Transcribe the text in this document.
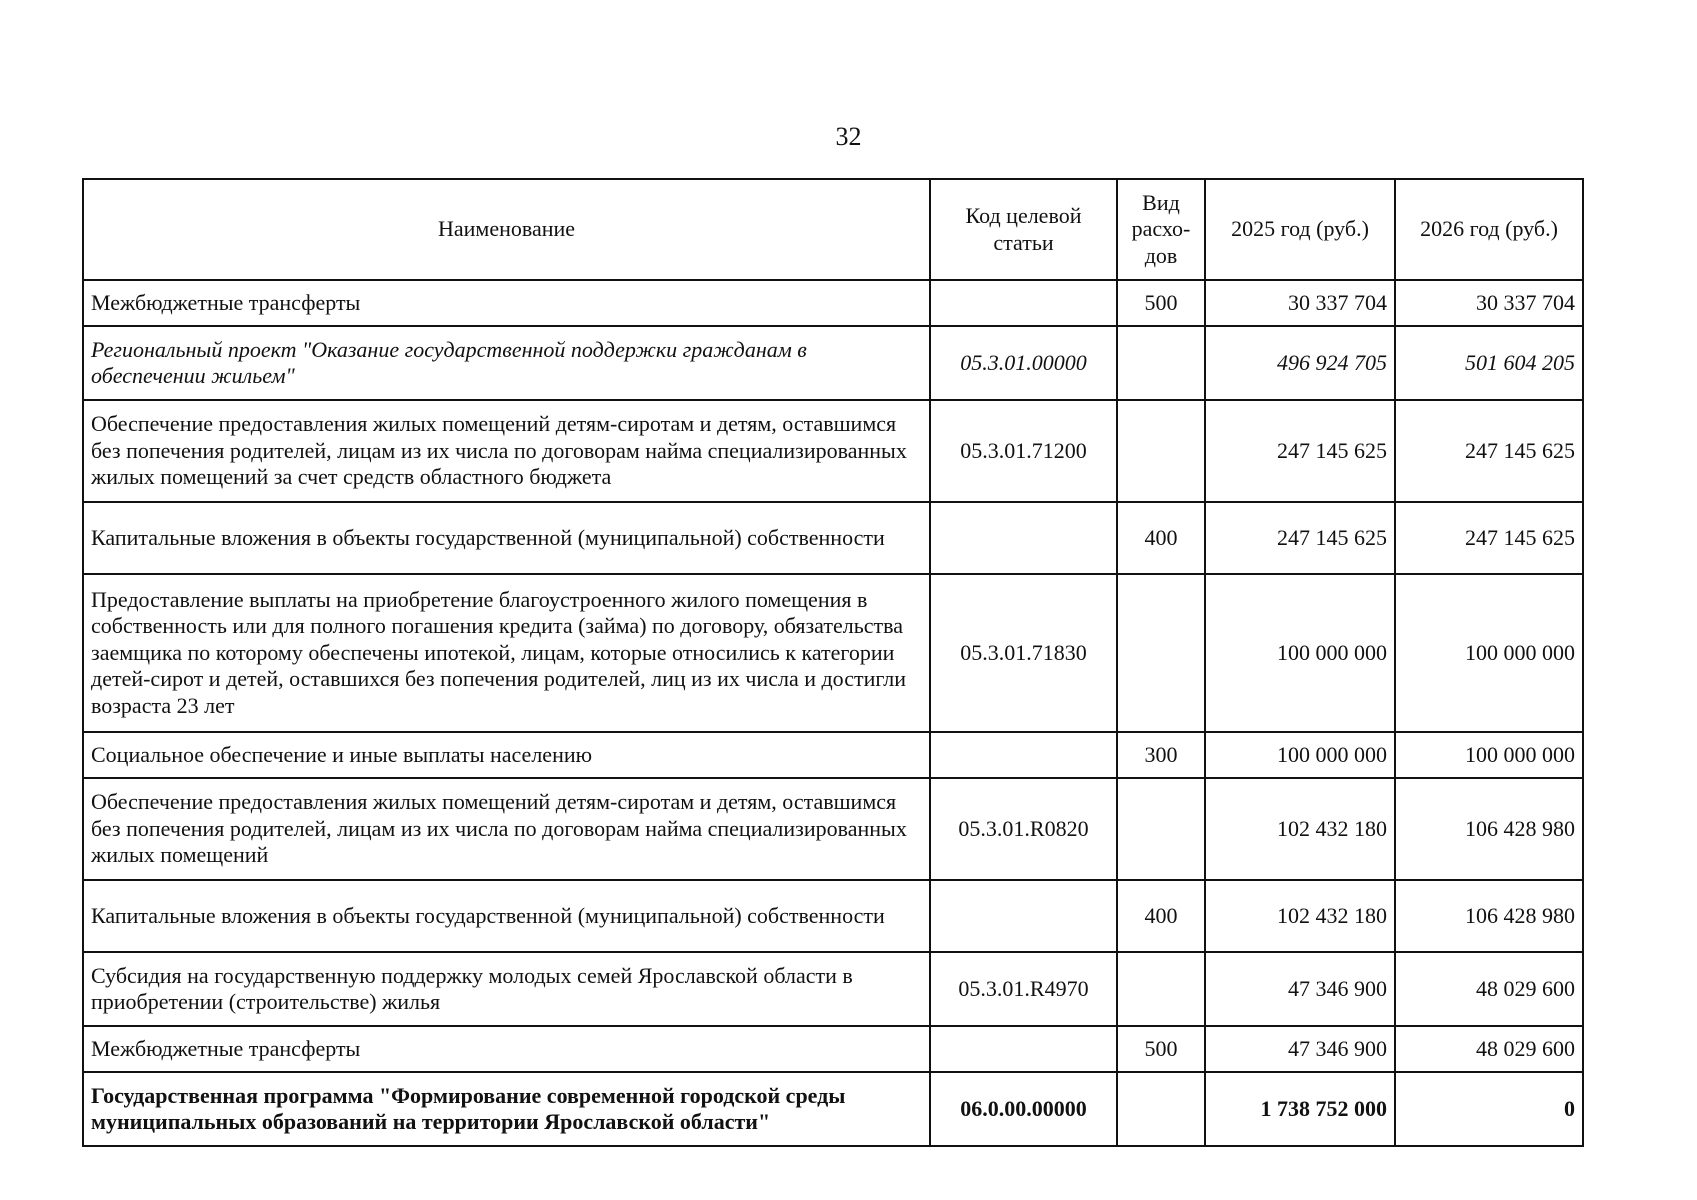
32
Наименование	Код целевой статьи	Вид расхо-дов	2025 год (руб.)	2026 год (руб.)
Межбюджетные трансферты		500	30 337 704	30 337 704
Региональный проект "Оказание государственной поддержки гражданам в обеспечении жильем"	05.3.01.00000		496 924 705	501 604 205
Обеспечение предоставления жилых помещений детям-сиротам и детям, оставшимся без попечения родителей, лицам из их числа по договорам найма специализированных жилых помещений за счет средств областного бюджета	05.3.01.71200		247 145 625	247 145 625
Капитальные вложения в объекты государственной (муниципальной) собственности		400	247 145 625	247 145 625
Предоставление выплаты на приобретение благоустроенного жилого помещения в собственность или для полного погашения кредита (займа) по договору, обязательства заемщика по которому обеспечены ипотекой, лицам, которые относились к категории детей-сирот и детей, оставшихся без попечения родителей, лиц из их числа и достигли возраста 23 лет	05.3.01.71830		100 000 000	100 000 000
Социальное обеспечение и иные выплаты населению		300	100 000 000	100 000 000
Обеспечение предоставления жилых помещений детям-сиротам и детям, оставшимся без попечения родителей, лицам из их числа по договорам найма специализированных жилых помещений	05.3.01.R0820		102 432 180	106 428 980
Капитальные вложения в объекты государственной (муниципальной) собственности		400	102 432 180	106 428 980
Субсидия на государственную поддержку молодых семей Ярославской области в приобретении (строительстве) жилья	05.3.01.R4970		47 346 900	48 029 600
Межбюджетные трансферты		500	47 346 900	48 029 600
Государственная программа "Формирование современной городской среды муниципальных образований на территории Ярославской области"	06.0.00.00000		1 738 752 000	0
